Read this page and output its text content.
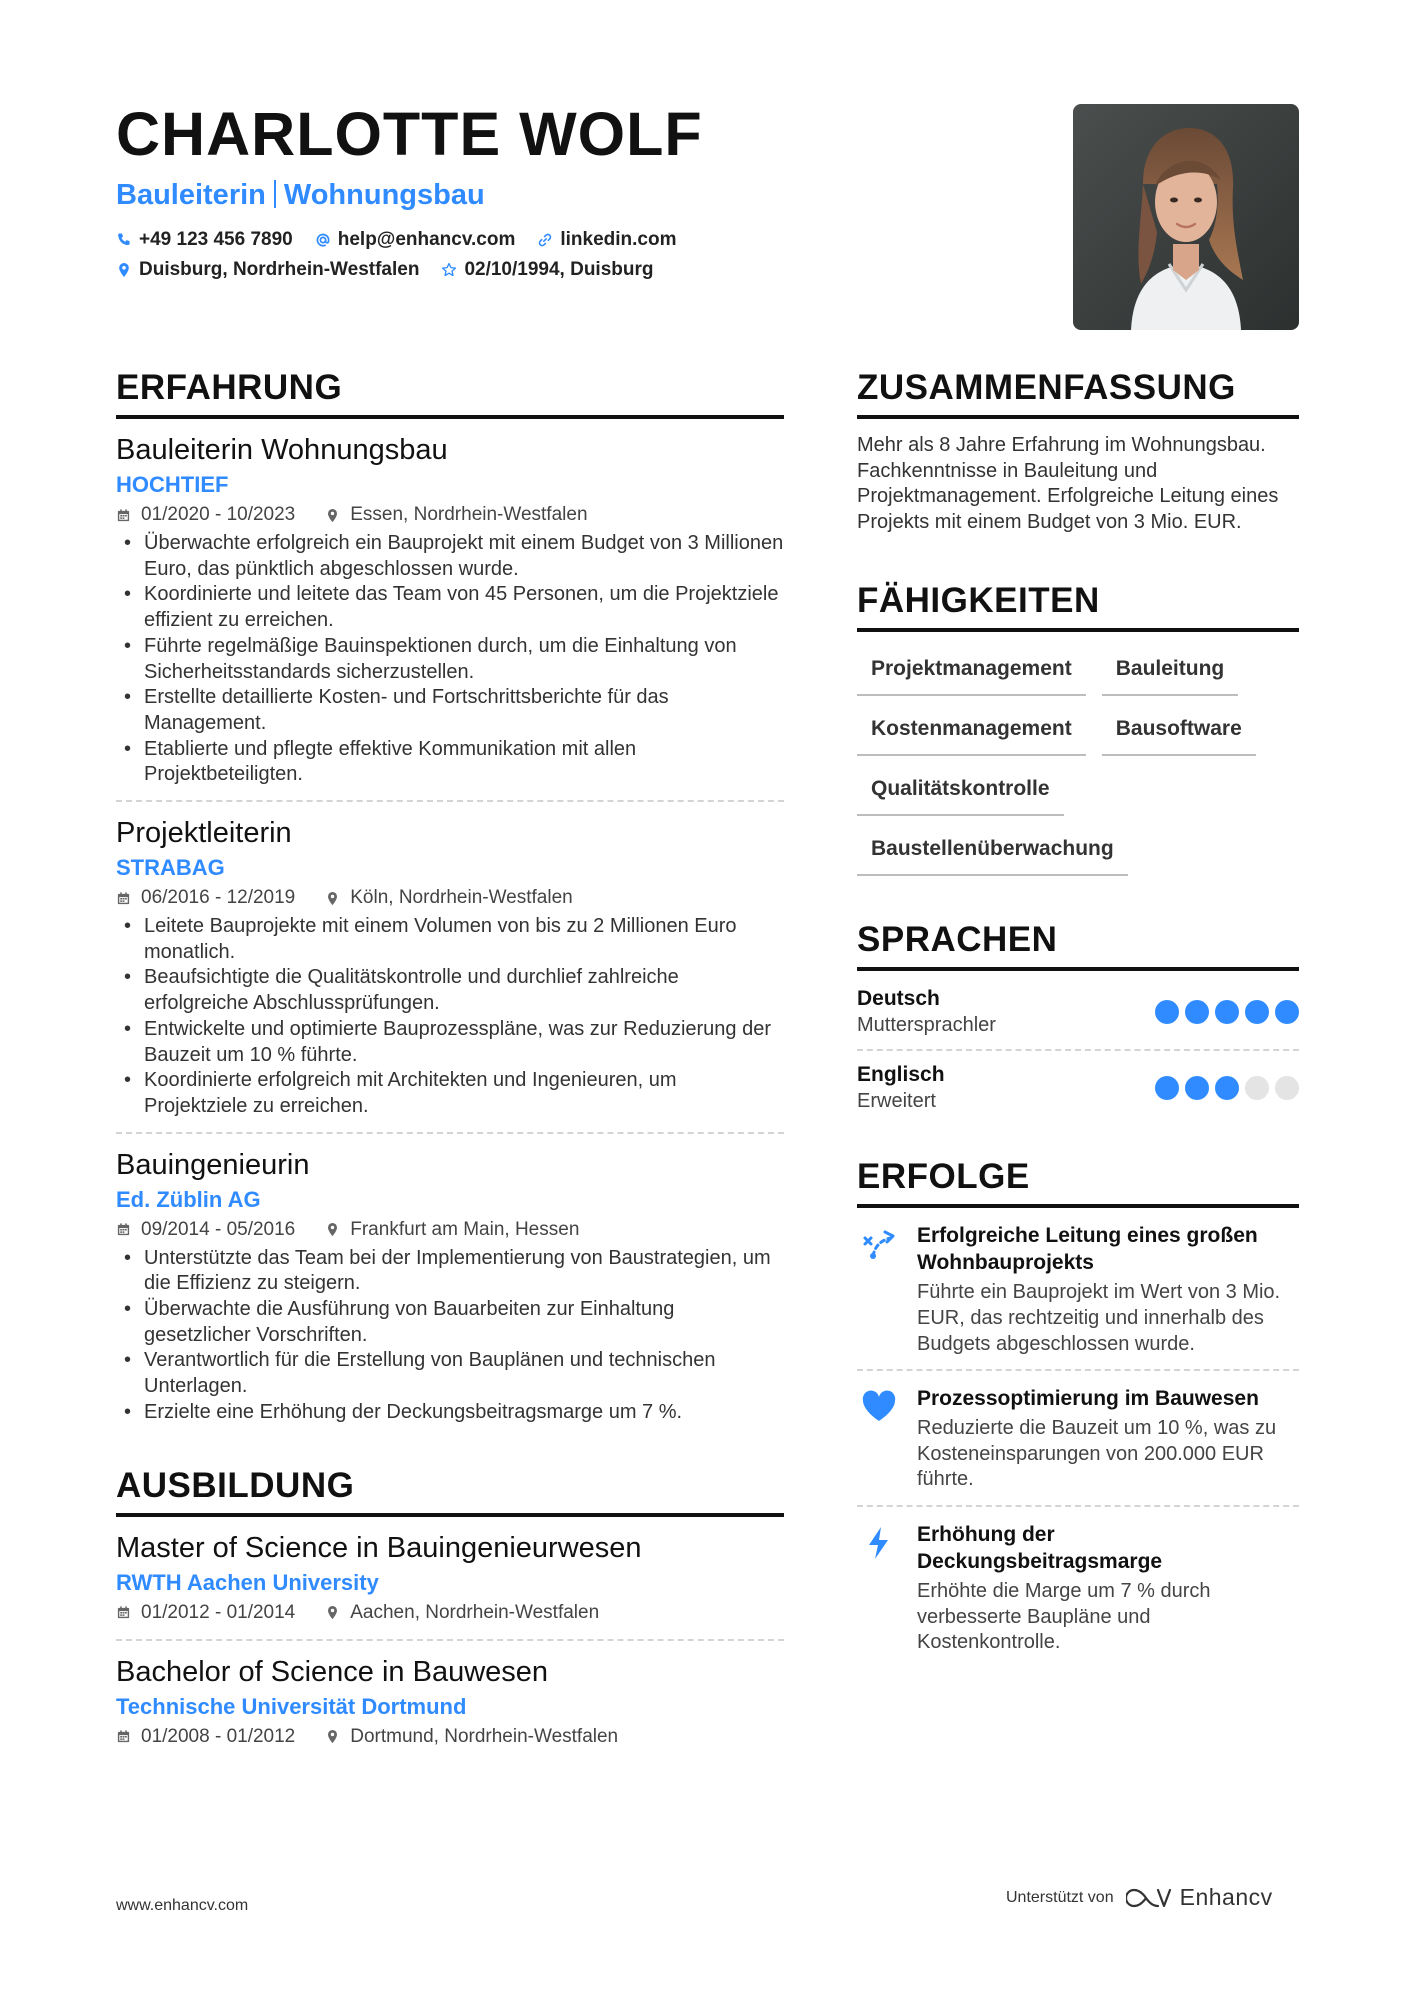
CHARLOTTE WOLF
Bauleiterin Wohnungsbau
+49 123 456 7890 help@enhancv.com linkedin.com
Duisburg, Nordrhein-Westfalen 02/10/1994, Duisburg
ERFAHRUNG
Bauleiterin Wohnungsbau
HOCHTIEF
01/2020 - 10/2023	Essen, Nordrhein-Westfalen
• Überwachte erfolgreich ein Bauprojekt mit einem Budget von 3 Millionen Euro, das pünktlich abgeschlossen wurde.
• Koordinierte und leitete das Team von 45 Personen, um die Projektziele effizient zu erreichen.
• Führte regelmäßige Bauinspektionen durch, um die Einhaltung von Sicherheitsstandards sicherzustellen.
• Erstellte detaillierte Kosten- und Fortschrittsberichte für das Management.
• Etablierte und pflegte effektive Kommunikation mit allen Projektbeteiligten.
Projektleiterin
STRABAG
06/2016 - 12/2019	Köln, Nordrhein-Westfalen
• Leitete Bauprojekte mit einem Volumen von bis zu 2 Millionen Euro monatlich.
• Beaufsichtigte die Qualitätskontrolle und durchlief zahlreiche erfolgreiche Abschlussprüfungen.
• Entwickelte und optimierte Bauprozesspläne, was zur Reduzierung der Bauzeit um 10 % führte.
• Koordinierte erfolgreich mit Architekten und Ingenieuren, um Projektziele zu erreichen.
Bauingenieurin
Ed. Züblin AG
09/2014 - 05/2016	Frankfurt am Main, Hessen
• Unterstützte das Team bei der Implementierung von Baustrategien, um die Effizienz zu steigern.
• Überwachte die Ausführung von Bauarbeiten zur Einhaltung gesetzlicher Vorschriften.
• Verantwortlich für die Erstellung von Bauplänen und technischen Unterlagen.
• Erzielte eine Erhöhung der Deckungsbeitragsmarge um 7 %.
AUSBILDUNG
Master of Science in Bauingenieurwesen
RWTH Aachen University
01/2012 - 01/2014	Aachen, Nordrhein-Westfalen
Bachelor of Science in Bauwesen
Technische Universität Dortmund
01/2008 - 01/2012	Dortmund, Nordrhein-Westfalen
ZUSAMMENFASSUNG
Mehr als 8 Jahre Erfahrung im Wohnungsbau. Fachkenntnisse in Bauleitung und Projektmanagement. Erfolgreiche Leitung eines Projekts mit einem Budget von 3 Mio. EUR.
FÄHIGKEITEN
Projektmanagement	Bauleitung
Kostenmanagement	Bausoftware
Qualitätskontrolle
Baustellenüberwachung
SPRACHEN
Deutsch
Muttersprachler
Englisch
Erweitert
ERFOLGE
Erfolgreiche Leitung eines großen Wohnbauprojekts
Führte ein Bauprojekt im Wert von 3 Mio. EUR, das rechtzeitig und innerhalb des Budgets abgeschlossen wurde.
Prozessoptimierung im Bauwesen
Reduzierte die Bauzeit um 10 %, was zu Kosteneinsparungen von 200.000 EUR führte.
Erhöhung der Deckungsbeitragsmarge
Erhöhte die Marge um 7 % durch verbesserte Baupläne und Kostenkontrolle.
www.enhancv.com	Unterstützt von	Enhancv
